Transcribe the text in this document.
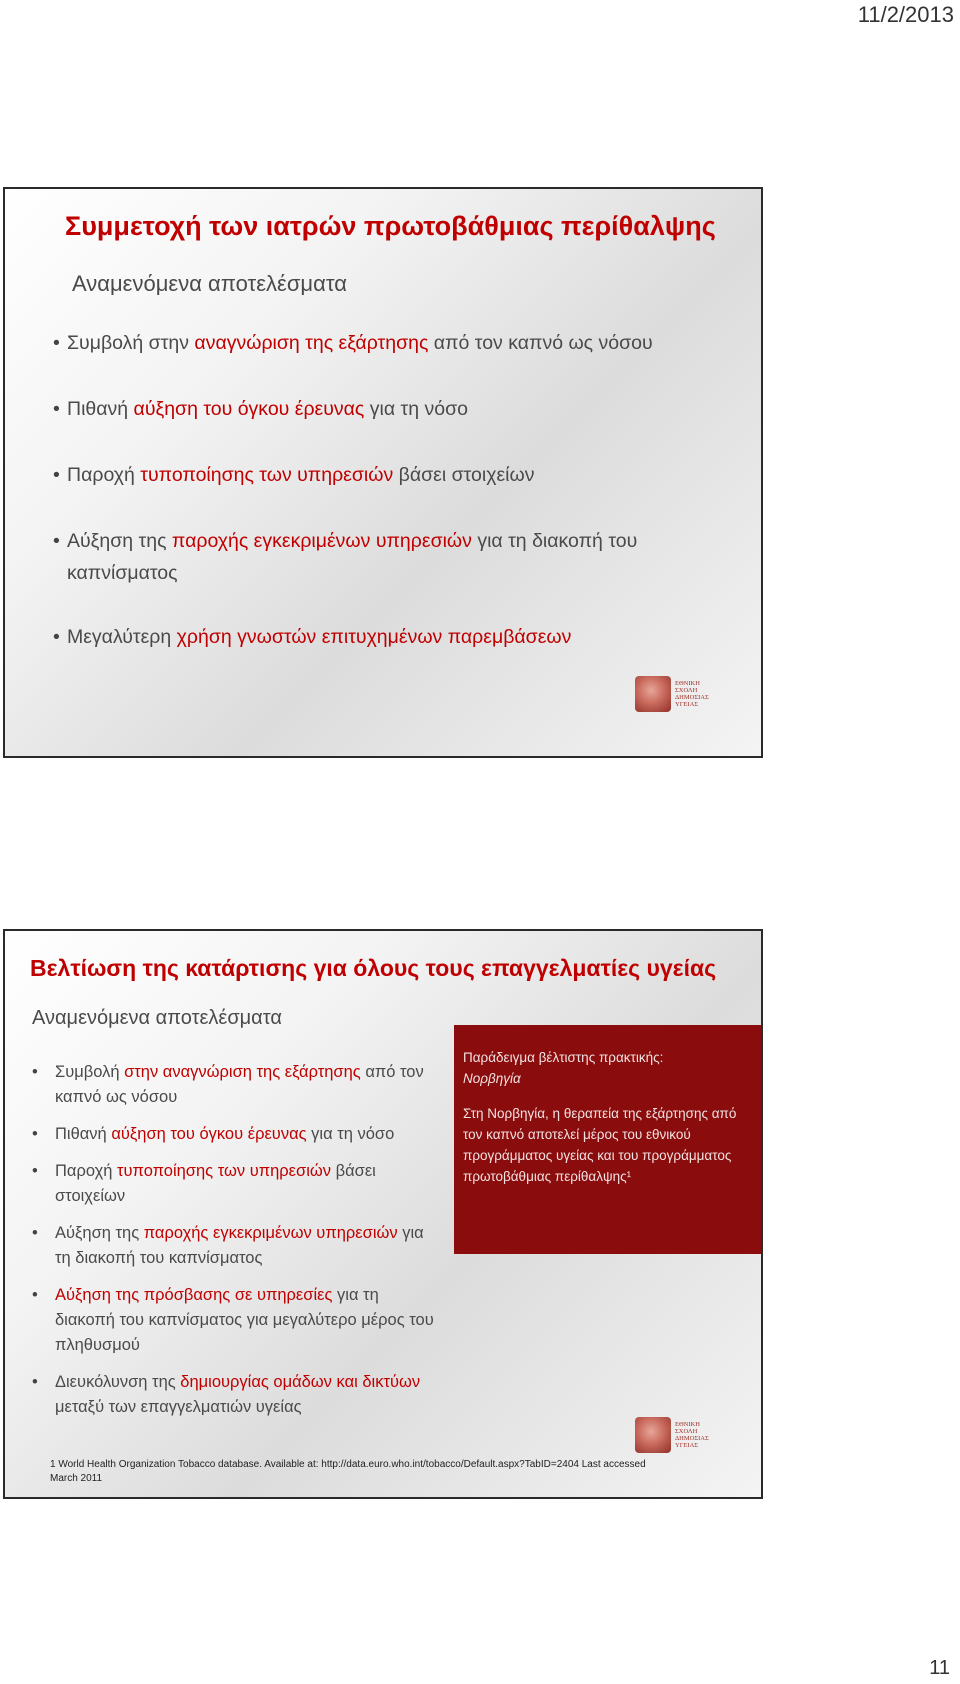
11/2/2013
Συμμετοχή των ιατρών πρωτοβάθμιας περίθαλψης
Αναμενόμενα αποτελέσματα
• Συμβολή στην αναγνώριση της εξάρτησης από τον καπνό ως νόσου
• Πιθανή αύξηση του όγκου έρευνας για τη νόσο
• Παροχή τυποποίησης των υπηρεσιών βάσει στοιχείων
• Αύξηση της παροχής εγκεκριμένων υπηρεσιών για τη διακοπή του καπνίσματος
• Μεγαλύτερη χρήση γνωστών επιτυχημένων παρεμβάσεων
ΕΘΝΙΚΗ
ΣΧΟΛΗ
ΔΗΜΟΣΙΑΣ
ΥΓΕΙΑΣ
Βελτίωση της κατάρτισης για όλους τους επαγγελματίες υγείας
Αναμενόμενα αποτελέσματα
• Συμβολή στην αναγνώριση της εξάρτησης από τον καπνό ως νόσου
• Πιθανή αύξηση του όγκου έρευνας για τη νόσο
• Παροχή τυποποίησης των υπηρεσιών βάσει στοιχείων
• Αύξηση της παροχής εγκεκριμένων υπηρεσιών για τη διακοπή του καπνίσματος
• Αύξηση της πρόσβασης σε υπηρεσίες για τη διακοπή του καπνίσματος για μεγαλύτερο μέρος του πληθυσμού
• Διευκόλυνση της δημιουργίας ομάδων και δικτύων μεταξύ των επαγγελματιών υγείας
Παράδειγμα βέλτιστης πρακτικής:
Νορβηγία
Στη Νορβηγία, η θεραπεία της εξάρτησης από τον καπνό αποτελεί μέρος του εθνικού προγράμματος υγείας και του προγράμματος πρωτοβάθμιας περίθαλψης¹
ΕΘΝΙΚΗ
ΣΧΟΛΗ
ΔΗΜΟΣΙΑΣ
ΥΓΕΙΑΣ
1 World Health Organization Tobacco database. Available at: http://data.euro.who.int/tobacco/Default.aspx?TabID=2404 Last accessed March 2011
11
